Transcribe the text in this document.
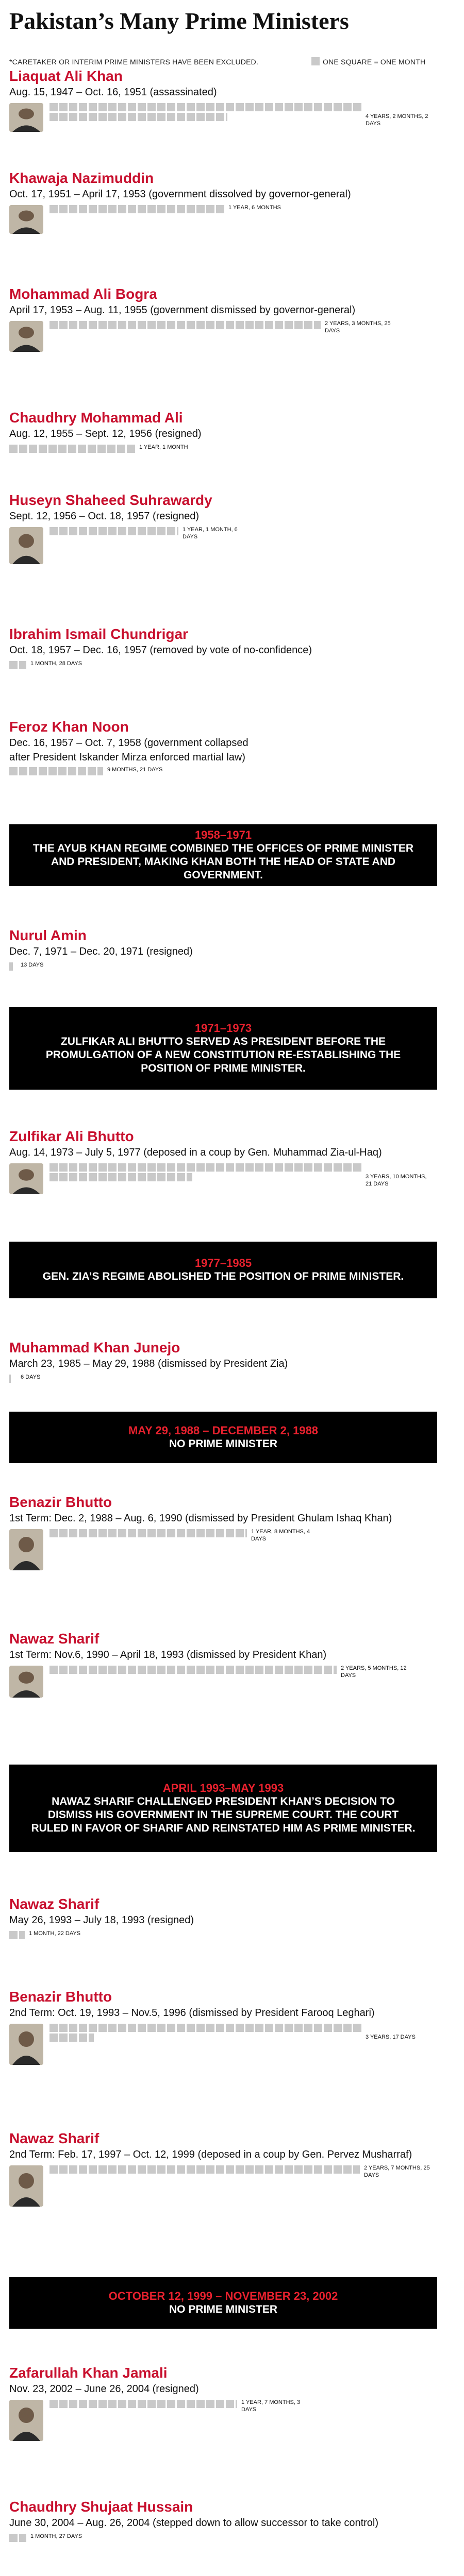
Pakistan’s Many Prime Ministers
*CARETAKER OR INTERIM PRIME MINISTERS HAVE BEEN EXCLUDED.	ONE SQUARE = ONE MONTH
Liaquat Ali Khan
Aug. 15, 1947 – Oct. 16, 1951 (assassinated)
4 YEARS, 2 MONTHS, 2 DAYS
Khawaja Nazimuddin
Oct. 17, 1951 – April 17, 1953 (government dissolved by governor-general)
1 YEAR, 6 MONTHS
Mohammad Ali Bogra
April 17, 1953 – Aug. 11, 1955 (government dismissed by governor-general)
2 YEARS, 3 MONTHS, 25 DAYS
Chaudhry Mohammad Ali
Aug. 12, 1955 – Sept. 12, 1956 (resigned)
1 YEAR, 1 MONTH
Huseyn Shaheed Suhrawardy
Sept. 12, 1956 – Oct. 18, 1957 (resigned)
1 YEAR, 1 MONTH, 6 DAYS
Ibrahim Ismail Chundrigar
Oct. 18, 1957 – Dec. 16, 1957 (removed by vote of no-confidence)
1 MONTH, 28 DAYS
Feroz Khan Noon
Dec. 16, 1957 – Oct. 7, 1958 (government collapsed
after President Iskander Mirza enforced martial law)
9 MONTHS, 21 DAYS
1958–1971
THE AYUB KHAN REGIME COMBINED THE OFFICES OF PRIME MINISTER AND PRESIDENT, MAKING KHAN BOTH THE HEAD OF STATE AND GOVERNMENT.
Nurul Amin
Dec. 7, 1971 – Dec. 20, 1971 (resigned)
13 DAYS
1971–1973
ZULFIKAR ALI BHUTTO SERVED AS PRESIDENT BEFORE THE PROMULGATION OF A NEW CONSTITUTION RE-ESTABLISHING THE POSITION OF PRIME MINISTER.
Zulfikar Ali Bhutto
Aug. 14, 1973 – July 5, 1977 (deposed in a coup by Gen. Muhammad Zia-ul-Haq)
3 YEARS, 10 MONTHS, 21 DAYS
1977–1985
GEN. ZIA’S REGIME ABOLISHED THE POSITION OF PRIME MINISTER.
Muhammad Khan Junejo
March 23, 1985 – May 29, 1988 (dismissed by President Zia)
6 DAYS
MAY 29, 1988 – DECEMBER 2, 1988
NO PRIME MINISTER
Benazir Bhutto
1st Term: Dec. 2, 1988 – Aug. 6, 1990 (dismissed by President Ghulam Ishaq Khan)
1 YEAR, 8 MONTHS, 4 DAYS
Nawaz Sharif
1st Term: Nov.6, 1990 – April 18, 1993 (dismissed by President Khan)
2 YEARS, 5 MONTHS, 12 DAYS
APRIL 1993–MAY 1993
NAWAZ SHARIF CHALLENGED PRESIDENT KHAN’S DECISION TO DISMISS HIS GOVERNMENT IN THE SUPREME COURT. THE COURT RULED IN FAVOR OF SHARIF AND REINSTATED HIM AS PRIME MINISTER.
Nawaz Sharif
May 26, 1993 – July 18, 1993 (resigned)
1 MONTH, 22 DAYS
Benazir Bhutto
2nd Term: Oct. 19, 1993 – Nov.5, 1996 (dismissed by President Farooq Leghari)
3 YEARS, 17 DAYS
Nawaz Sharif
2nd Term: Feb. 17, 1997 – Oct. 12, 1999 (deposed in a coup by Gen. Pervez Musharraf)
2 YEARS, 7 MONTHS, 25 DAYS
OCTOBER 12, 1999 – NOVEMBER 23, 2002
NO PRIME MINISTER
Zafarullah Khan Jamali
Nov. 23, 2002 – June 26, 2004 (resigned)
1 YEAR, 7 MONTHS, 3 DAYS
Chaudhry Shujaat Hussain
June 30, 2004 – Aug. 26, 2004 (stepped down to allow successor to take control)
1 MONTH, 27 DAYS
